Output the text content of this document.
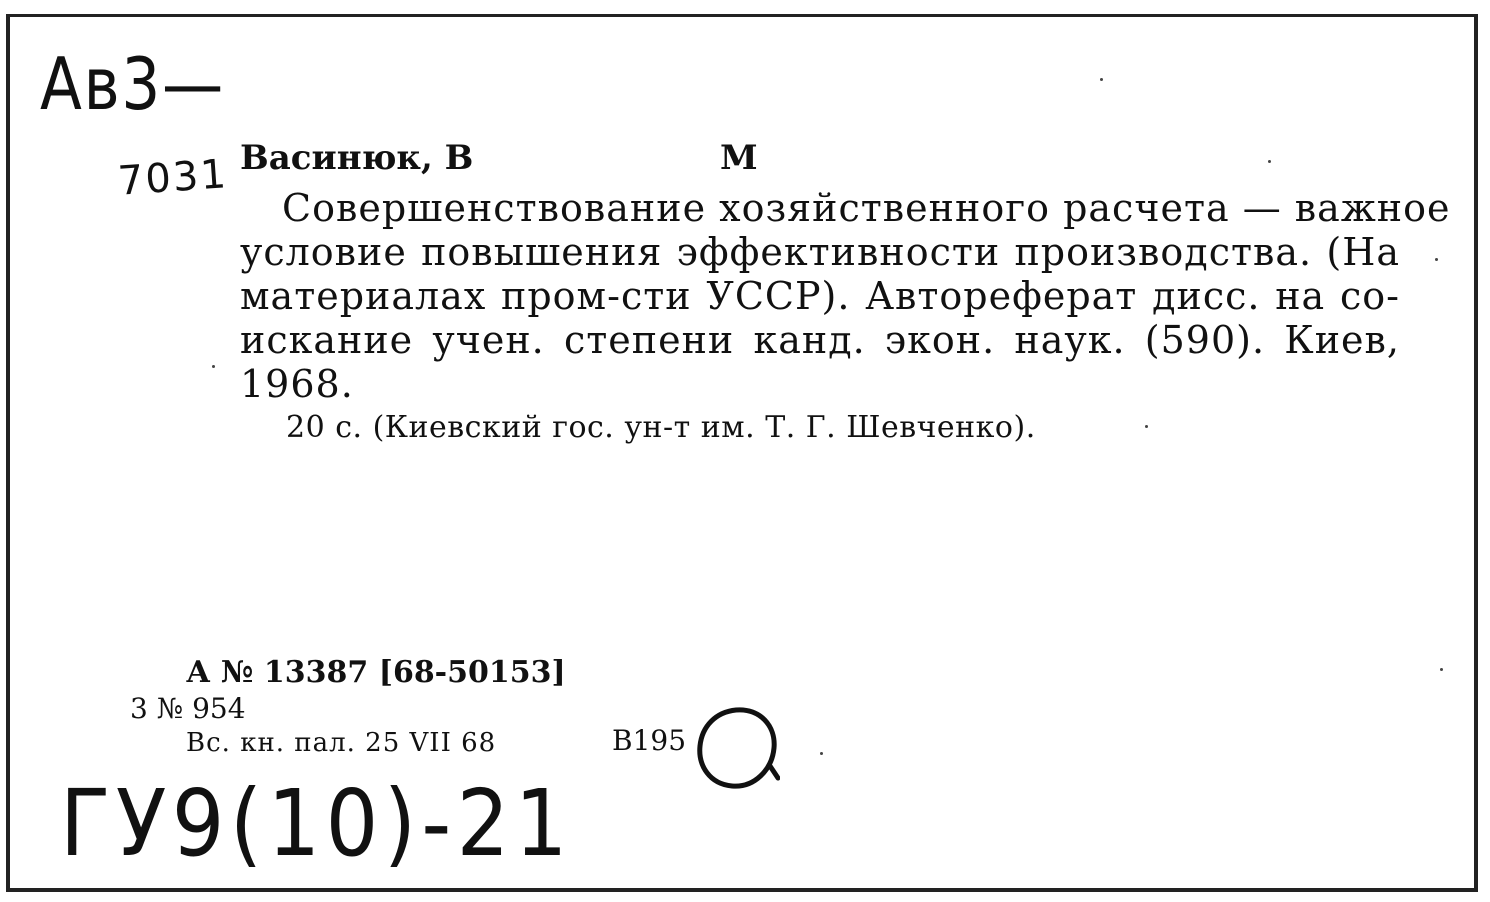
Ав3—
7031 Васинюк, В	М
Совершенствование хозяйственного расчета — важное
условие повышения эффективности производства. (На
материалах пром-сти УССР). Автореферат дисс. на со-
искание учен. степени канд. экон. наук. (590). Киев,
1968.
20 с. (Киевский гос. ун-т им. Т. Г. Шевченко).
А № 13387 [68-50153]
3 № 954
Вс. кн. пал. 25 VII 68	В195
ГУ9(10)-21
